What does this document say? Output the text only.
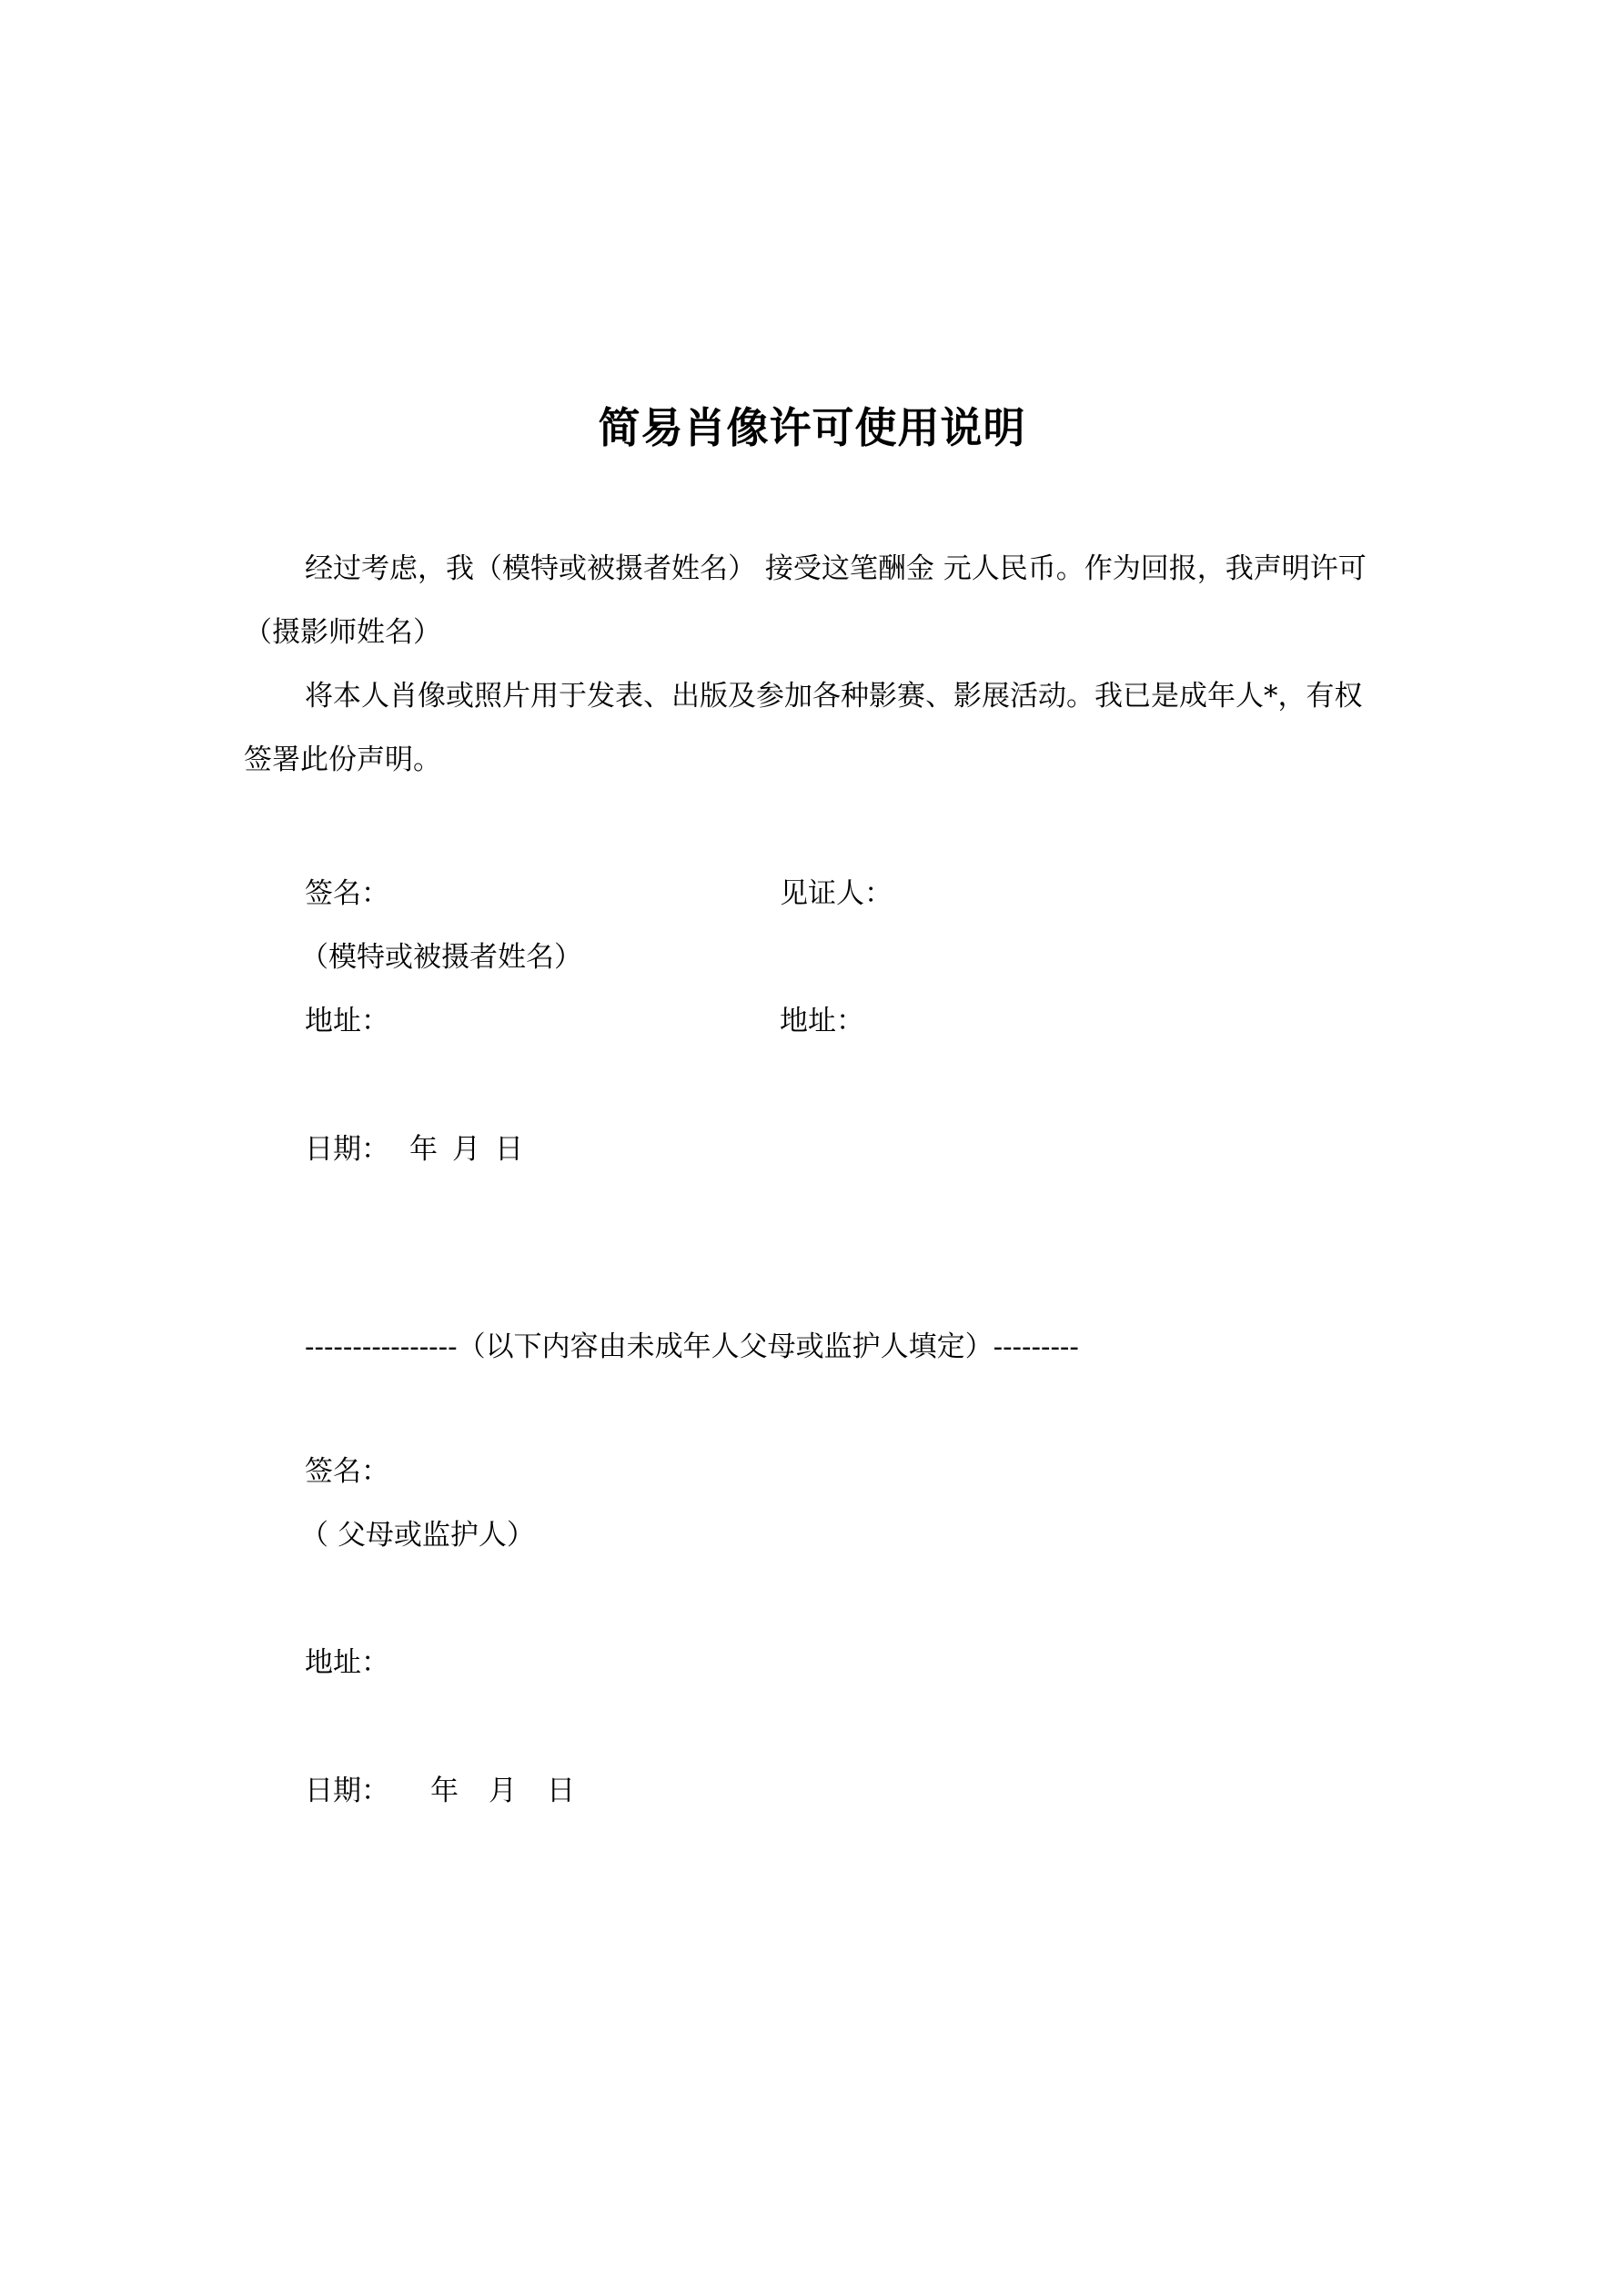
简易肖像许可使用说明
经过考虑，我（模特或被摄者姓名） 接受这笔酬金 元人民币。作为回报，我声明许可
（摄影师姓名）
将本人肖像或照片用于发表、出版及参加各种影赛、影展活动。我已是成年人*，有权
签署此份声明。
签名：	见证人：
（模特或被摄者姓名）
地址：	地址：
日期： 年 月 日
----------------（以下内容由未成年人父母或监护人填定）---------
签名：
（ 父母或监护人）
地址：
日期： 年 月 日
